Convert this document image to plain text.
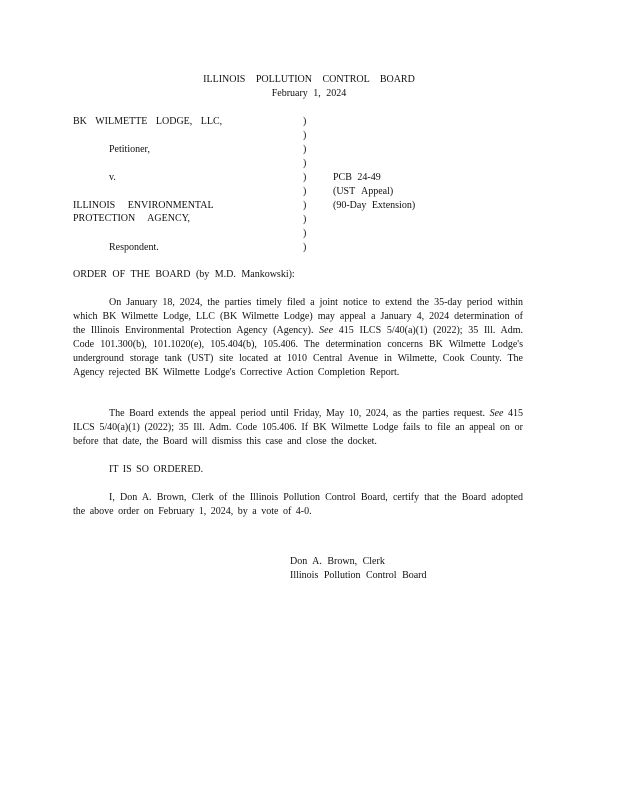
ILLINOIS POLLUTION CONTROL BOARD
February 1, 2024
BK WILMETTE LODGE, LLC,
Petitioner,
v.
ILLINOIS ENVIRONMENTAL
PROTECTION AGENCY,
Respondent.
)
)
)
)
)
)
)
)
)
)
PCB 24-49
(UST Appeal)
(90-Day Extension)
ORDER OF THE BOARD (by M.D. Mankowski):
On January 18, 2024, the parties timely filed a joint notice to extend the 35-day period within which BK Wilmette Lodge, LLC (BK Wilmette Lodge) may appeal a January 4, 2024 determination of the Illinois Environmental Protection Agency (Agency). See 415 ILCS 5/40(a)(1) (2022); 35 Ill. Adm. Code 101.300(b), 101.1020(e), 105.404(b), 105.406. The determination concerns BK Wilmette Lodge's underground storage tank (UST) site located at 1010 Central Avenue in Wilmette, Cook County. The Agency rejected BK Wilmette Lodge's Corrective Action Completion Report.
The Board extends the appeal period until Friday, May 10, 2024, as the parties request. See 415 ILCS 5/40(a)(1) (2022); 35 Ill. Adm. Code 105.406. If BK Wilmette Lodge fails to file an appeal on or before that date, the Board will dismiss this case and close the docket.
IT IS SO ORDERED.
I, Don A. Brown, Clerk of the Illinois Pollution Control Board, certify that the Board adopted the above order on February 1, 2024, by a vote of 4-0.
Don A. Brown, Clerk
Illinois Pollution Control Board
